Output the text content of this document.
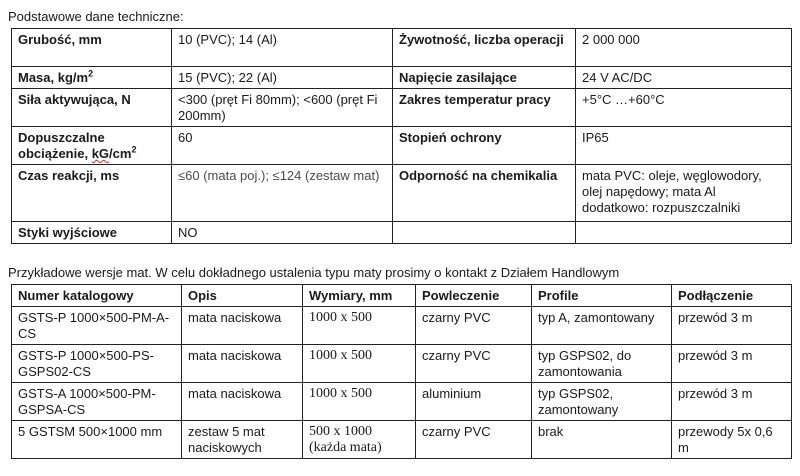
Podstawowe dane techniczne:
Grubość, mm	10 (PVC); 14 (Al)	Żywotność, liczba operacji	2 000 000
Masa, $kg/m^2$	15 (PVC); 22 (Al)	Napięcie zasilające	24 V AC/DC
Siła aktywująca, N	<300 (pręt Fi 80mm); <600 (pręt Fi 200mm)	Zakres temperatur pracy	+5°C …+60°C
Dopuszczalne obciążenie, $kG/cm^2$	60	Stopień ochrony	IP65
Czas reakcji, ms	≤60 (mata poj.); ≤124 (zestaw mat)	Odporność na chemikalia	mata PVC: oleje, węglowodory, olej napędowy; mata Al dodatkowo: rozpuszczalniki
Styki wyjściowe	NO		
Przykładowe wersje mat. W celu dokładnego ustalenia typu maty prosimy o kontakt z Działem Handlowym
Numer katalogowy	Opis	Wymiary, mm	Powleczenie	Profile	Podłączenie
GSTS-P 1000×500-PM-A-CS	mata naciskowa	1000 x 500	czarny PVC	typ A, zamontowany	przewód 3 m
GSTS-P 1000×500-PS-GSPS02-CS	mata naciskowa	1000 x 500	czarny PVC	typ GSPS02, do zamontowania	przewód 3 m
GSTS-A 1000×500-PM-GSPSA-CS	mata naciskowa	1000 x 500	aluminium	typ GSPS02, zamontowany	przewód 3 m
5 GSTSM 500×1000 mm	zestaw 5 mat naciskowych	500 x 1000 (każda mata)	czarny PVC	brak	przewody 5x 0,6 m
